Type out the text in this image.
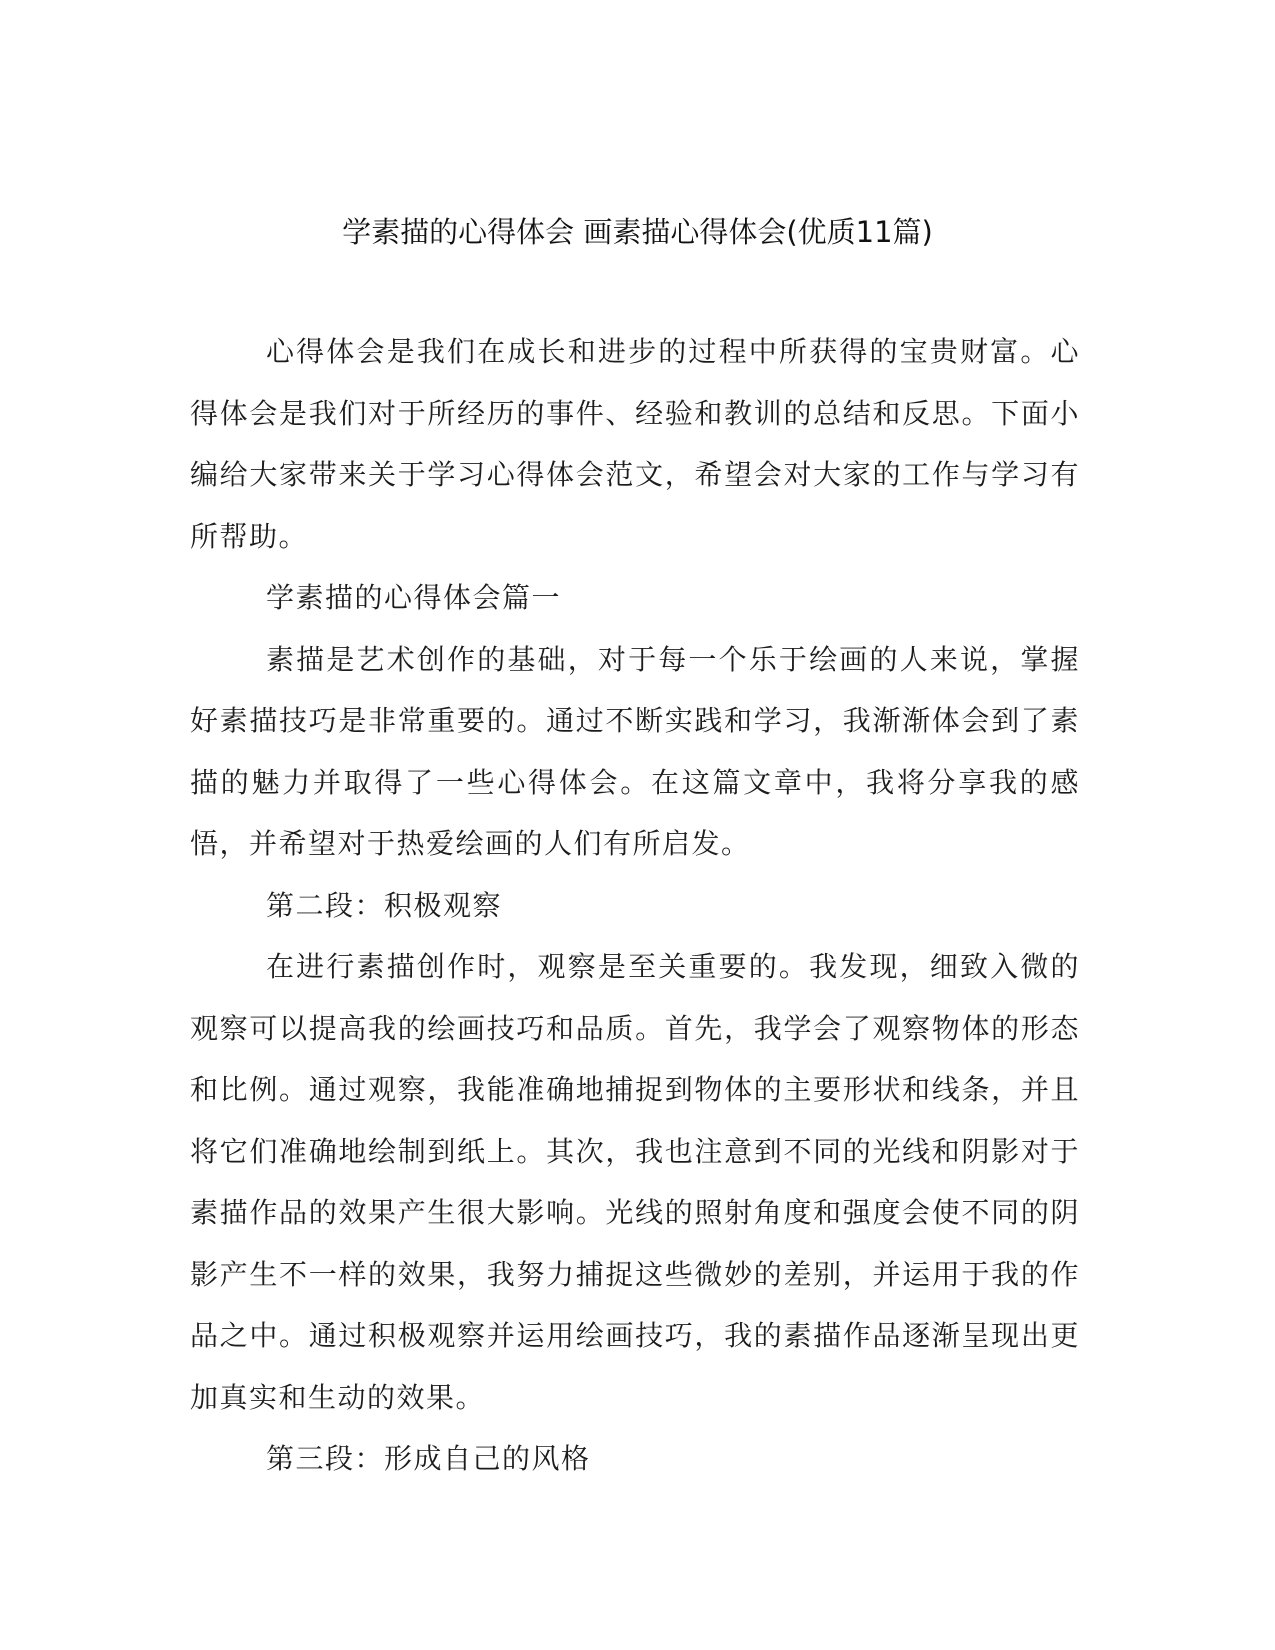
学素描的心得体会 画素描心得体会(优质11篇)

心得体会是我们在成长和进步的过程中所获得的宝贵财富。心得体会是我们对于所经历的事件、经验和教训的总结和反思。下面小编给大家带来关于学习心得体会范文，希望会对大家的工作与学习有所帮助。

学素描的心得体会篇一

素描是艺术创作的基础，对于每一个乐于绘画的人来说，掌握好素描技巧是非常重要的。通过不断实践和学习，我渐渐体会到了素描的魅力并取得了一些心得体会。在这篇文章中，我将分享我的感悟，并希望对于热爱绘画的人们有所启发。

第二段：积极观察

在进行素描创作时，观察是至关重要的。我发现，细致入微的观察可以提高我的绘画技巧和品质。首先，我学会了观察物体的形态和比例。通过观察，我能准确地捕捉到物体的主要形状和线条，并且将它们准确地绘制到纸上。其次，我也注意到不同的光线和阴影对于素描作品的效果产生很大影响。光线的照射角度和强度会使不同的阴影产生不一样的效果，我努力捕捉这些微妙的差别，并运用于我的作品之中。通过积极观察并运用绘画技巧，我的素描作品逐渐呈现出更加真实和生动的效果。

第三段：形成自己的风格
